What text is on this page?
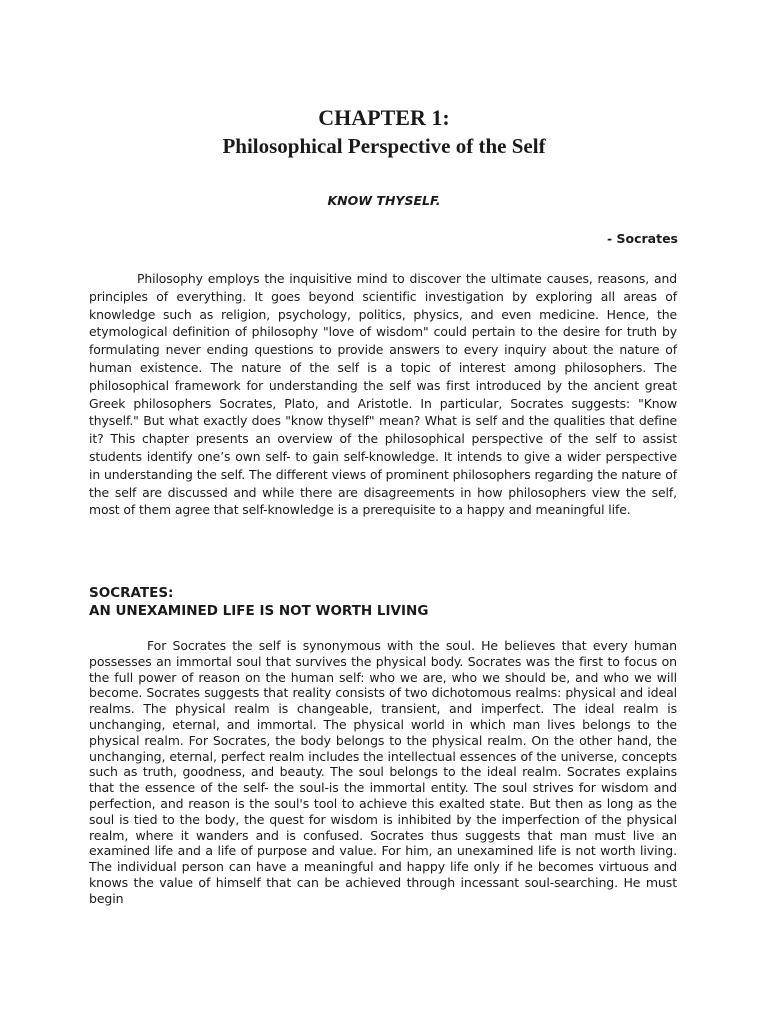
CHAPTER 1:
Philosophical Perspective of the Self
KNOW THYSELF.
- Socrates

Philosophy employs the inquisitive mind to discover the ultimate causes, reasons, and principles of everything. It goes beyond scientific investigation by exploring all areas of knowledge such as religion, psychology, politics, physics, and even medicine. Hence, the etymological definition of philosophy "love of wisdom" could pertain to the desire for truth by formulating never ending questions to provide answers to every inquiry about the nature of human existence. The nature of the self is a topic of interest among philosophers. The philosophical framework for understanding the self was first introduced by the ancient great Greek philosophers Socrates, Plato, and Aristotle. In particular, Socrates suggests: "Know thyself." But what exactly does "know thyself" mean? What is self and the qualities that define it? This chapter presents an overview of the philosophical perspective of the self to assist students identify one’s own self- to gain self-knowledge. It intends to give a wider perspective in understanding the self. The different views of prominent philosophers regarding the nature of the self are discussed and while there are disagreements in how philosophers view the self, most of them agree that self-knowledge is a prerequisite to a happy and meaningful life.

SOCRATES:
AN UNEXAMINED LIFE IS NOT WORTH LIVING

For Socrates the self is synonymous with the soul. He believes that every human possesses an immortal soul that survives the physical body. Socrates was the first to focus on the full power of reason on the human self: who we are, who we should be, and who we will become. Socrates suggests that reality consists of two dichotomous realms: physical and ideal realms. The physical realm is changeable, transient, and imperfect. The ideal realm is unchanging, eternal, and immortal. The physical world in which man lives belongs to the physical realm. For Socrates, the body belongs to the physical realm. On the other hand, the unchanging, eternal, perfect realm includes the intellectual essences of the universe, concepts such as truth, goodness, and beauty. The soul belongs to the ideal realm. Socrates explains that the essence of the self- the soul-is the immortal entity. The soul strives for wisdom and perfection, and reason is the soul's tool to achieve this exalted state. But then as long as the soul is tied to the body, the quest for wisdom is inhibited by the imperfection of the physical realm, where it wanders and is confused. Socrates thus suggests that man must live an examined life and a life of purpose and value. For him, an unexamined life is not worth living. The individual person can have a meaningful and happy life only if he becomes virtuous and knows the value of himself that can be achieved through incessant soul-searching. He must begin
